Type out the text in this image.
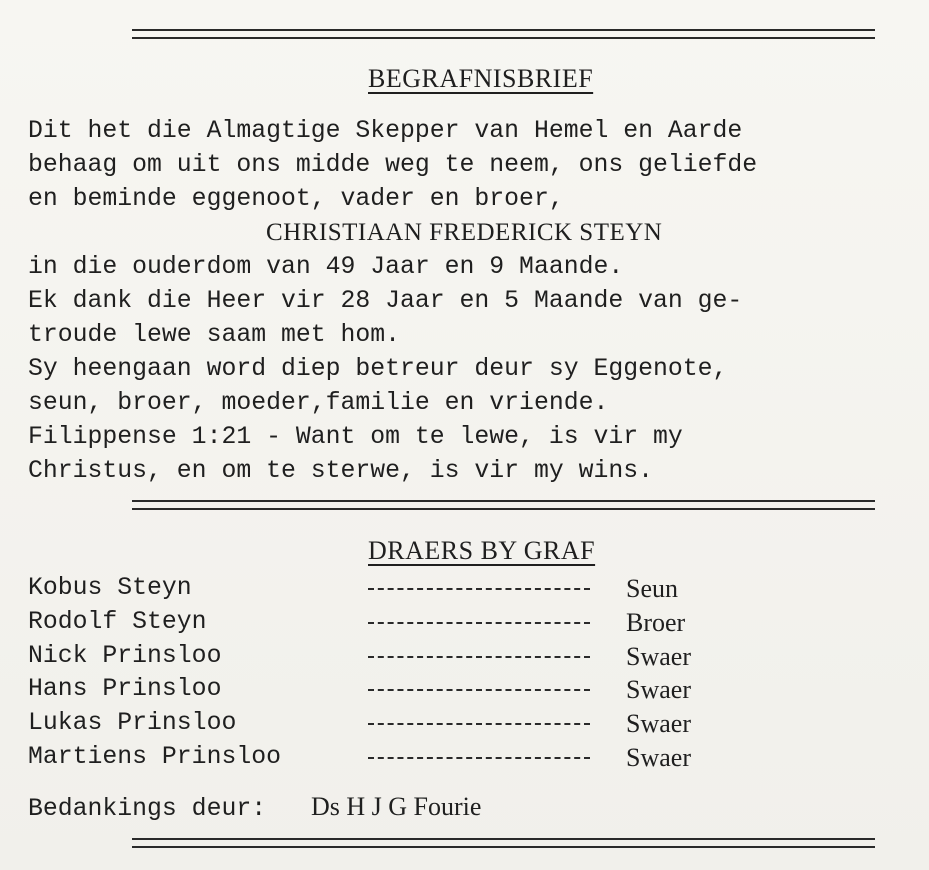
BEGRAFNISBRIEF
Dit het die Almagtige Skepper van Hemel en Aarde
behaag om uit ons midde weg te neem, ons geliefde
en beminde eggenoot, vader en broer,
CHRISTIAAN FREDERICK STEYN
in die ouderdom van 49 Jaar en 9 Maande.
Ek dank die Heer vir 28 Jaar en 5 Maande van ge-
troude lewe saam met hom.
Sy heengaan word diep betreur deur sy Eggenote,
seun, broer, moeder,familie en vriende.
Filippense 1:21 - Want om te lewe, is vir my
Christus, en om te sterwe, is vir my wins.
DRAERS BY GRAF
Kobus Steyn	Seun
Rodolf Steyn	Broer
Nick Prinsloo	Swaer
Hans Prinsloo	Swaer
Lukas Prinsloo	Swaer
Martiens Prinsloo	Swaer
Bedankings deur: Ds H J G Fourie
